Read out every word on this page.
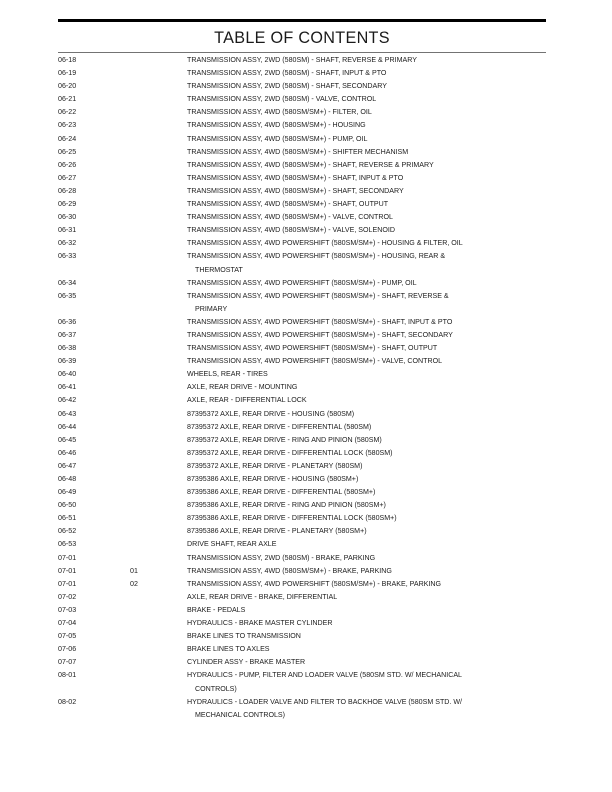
TABLE OF CONTENTS
06-18	TRANSMISSION ASSY, 2WD (580SM) - SHAFT, REVERSE & PRIMARY
06-19	TRANSMISSION ASSY, 2WD (580SM) - SHAFT, INPUT & PTO
06-20	TRANSMISSION ASSY, 2WD (580SM) - SHAFT, SECONDARY
06-21	TRANSMISSION ASSY, 2WD (580SM) - VALVE, CONTROL
06-22	TRANSMISSION ASSY, 4WD (580SM/SM+) - FILTER, OIL
06-23	TRANSMISSION ASSY, 4WD (580SM/SM+) - HOUSING
06-24	TRANSMISSION ASSY, 4WD (580SM/SM+) - PUMP, OIL
06-25	TRANSMISSION ASSY, 4WD (580SM/SM+) - SHIFTER MECHANISM
06-26	TRANSMISSION ASSY, 4WD (580SM/SM+) - SHAFT, REVERSE & PRIMARY
06-27	TRANSMISSION ASSY, 4WD (580SM/SM+) - SHAFT, INPUT & PTO
06-28	TRANSMISSION ASSY, 4WD (580SM/SM+) - SHAFT, SECONDARY
06-29	TRANSMISSION ASSY, 4WD (580SM/SM+) - SHAFT, OUTPUT
06-30	TRANSMISSION ASSY, 4WD (580SM/SM+) - VALVE, CONTROL
06-31	TRANSMISSION ASSY, 4WD (580SM/SM+) - VALVE, SOLENOID
06-32	TRANSMISSION ASSY, 4WD POWERSHIFT (580SM/SM+) - HOUSING & FILTER, OIL
06-33	TRANSMISSION ASSY, 4WD POWERSHIFT (580SM/SM+) - HOUSING, REAR &
THERMOSTAT
06-34	TRANSMISSION ASSY, 4WD POWERSHIFT (580SM/SM+) - PUMP, OIL
06-35	TRANSMISSION ASSY, 4WD POWERSHIFT (580SM/SM+) - SHAFT, REVERSE &
PRIMARY
06-36	TRANSMISSION ASSY, 4WD POWERSHIFT (580SM/SM+) - SHAFT, INPUT & PTO
06-37	TRANSMISSION ASSY, 4WD POWERSHIFT (580SM/SM+) - SHAFT, SECONDARY
06-38	TRANSMISSION ASSY, 4WD POWERSHIFT (580SM/SM+) - SHAFT, OUTPUT
06-39	TRANSMISSION ASSY, 4WD POWERSHIFT (580SM/SM+) - VALVE, CONTROL
06-40	WHEELS, REAR - TIRES
06-41	AXLE, REAR DRIVE - MOUNTING
06-42	AXLE, REAR - DIFFERENTIAL LOCK
06-43	87395372 AXLE, REAR DRIVE - HOUSING (580SM)
06-44	87395372 AXLE, REAR DRIVE - DIFFERENTIAL (580SM)
06-45	87395372 AXLE, REAR DRIVE - RING AND PINION (580SM)
06-46	87395372 AXLE, REAR DRIVE - DIFFERENTIAL LOCK (580SM)
06-47	87395372 AXLE, REAR DRIVE - PLANETARY (580SM)
06-48	87395386 AXLE, REAR DRIVE - HOUSING (580SM+)
06-49	87395386 AXLE, REAR DRIVE - DIFFERENTIAL (580SM+)
06-50	87395386 AXLE, REAR DRIVE - RING AND PINION (580SM+)
06-51	87395386 AXLE, REAR DRIVE - DIFFERENTIAL LOCK (580SM+)
06-52	87395386 AXLE, REAR DRIVE - PLANETARY (580SM+)
06-53	DRIVE SHAFT, REAR AXLE
07-01	TRANSMISSION ASSY, 2WD (580SM) - BRAKE, PARKING
07-01	01	TRANSMISSION ASSY, 4WD (580SM/SM+) - BRAKE, PARKING
07-01	02	TRANSMISSION ASSY, 4WD POWERSHIFT (580SM/SM+) - BRAKE, PARKING
07-02	AXLE, REAR DRIVE - BRAKE, DIFFERENTIAL
07-03	BRAKE - PEDALS
07-04	HYDRAULICS - BRAKE MASTER CYLINDER
07-05	BRAKE LINES TO TRANSMISSION
07-06	BRAKE LINES TO AXLES
07-07	CYLINDER ASSY - BRAKE MASTER
08-01	HYDRAULICS - PUMP, FILTER AND LOADER VALVE (580SM STD. W/ MECHANICAL
CONTROLS)
08-02	HYDRAULICS - LOADER VALVE AND FILTER TO BACKHOE VALVE (580SM STD. W/
MECHANICAL CONTROLS)
